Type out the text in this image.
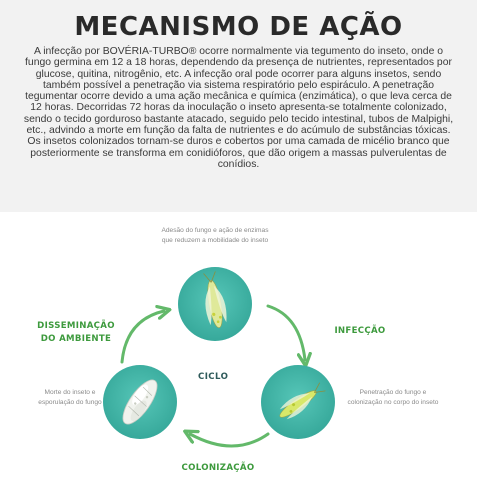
MECANISMO DE AÇÃO

A infecção por BOVÉRIA-TURBO® ocorre normalmente via tegumento do inseto, onde o fungo germina em 12 a 18 horas, dependendo da presença de nutrientes, representados por glucose, quitina, nitrogênio, etc. A infecção oral pode ocorrer para alguns insetos, sendo também possível a penetração via sistema respiratório pelo espiráculo. A penetração tegumentar ocorre devido a uma ação mecânica e química (enzimática), o que leva cerca de 12 horas. Decorridas 72 horas da inoculação o inseto apresenta-se totalmente colonizado, sendo o tecido gorduroso bastante atacado, seguido pelo tecido intestinal, tubos de Malpighi, etc., advindo a morte em função da falta de nutrientes e do acúmulo de substâncias tóxicas.

Os insetos colonizados tornam-se duros e cobertos por uma camada de micélio branco que posteriormente se transforma em conidióforos, que dão origem a massas pulverulentas de conídios.

Adesão do fungo e ação de enzimas
que reduzem a mobilidade do inseto
Penetração do fungo e
colonização no corpo do inseto
Morte do inseto e
esporulação do fungo
INFECÇÃO
COLONIZAÇÃO
DISSEMINAÇÃO
DO AMBIENTE
CICLO
